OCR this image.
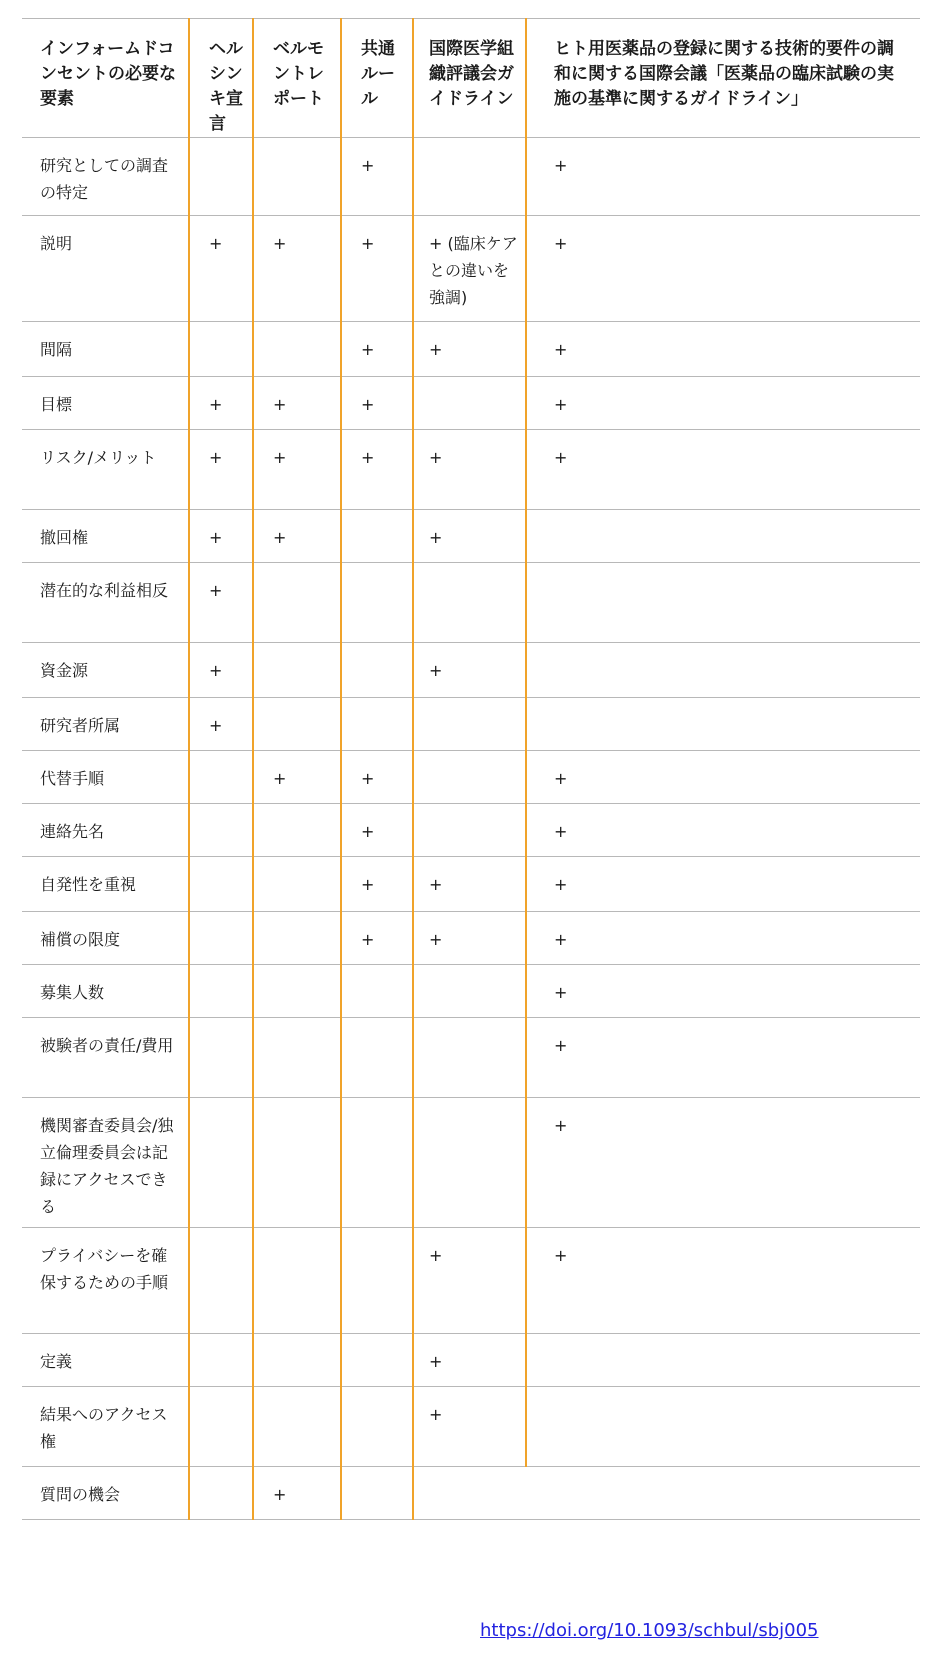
インフォームドコンセントの必要な要素	ヘルシンキ宣言	ベルモントレポート	共通ルール	国際医学組織評議会ガイドライン	ヒト用医薬品の登録に関する技術的要件の調和に関する国際会議「医薬品の臨床試験の実施の基準に関するガイドライン」
研究としての調査の特定			+		+
説明	+	+	+	+ (臨床ケアとの違いを強調)	+
間隔			+	+	+
目標	+	+	+		+
リスク/メリット	+	+	+	+	+
撤回権	+	+		+	
潜在的な利益相反	+				
資金源	+			+	
研究者所属	+				
代替手順		+	+		+
連絡先名			+		+
自発性を重視			+	+	+
補償の限度			+	+	+
募集人数					+
被験者の責任/費用					+
機関審査委員会/独立倫理委員会は記録にアクセスできる					+
プライバシーを確保するための手順				+	+
定義				+	
結果へのアクセス権				+	
質問の機会		+			
https://doi.org/10.1093/schbul/sbj005
